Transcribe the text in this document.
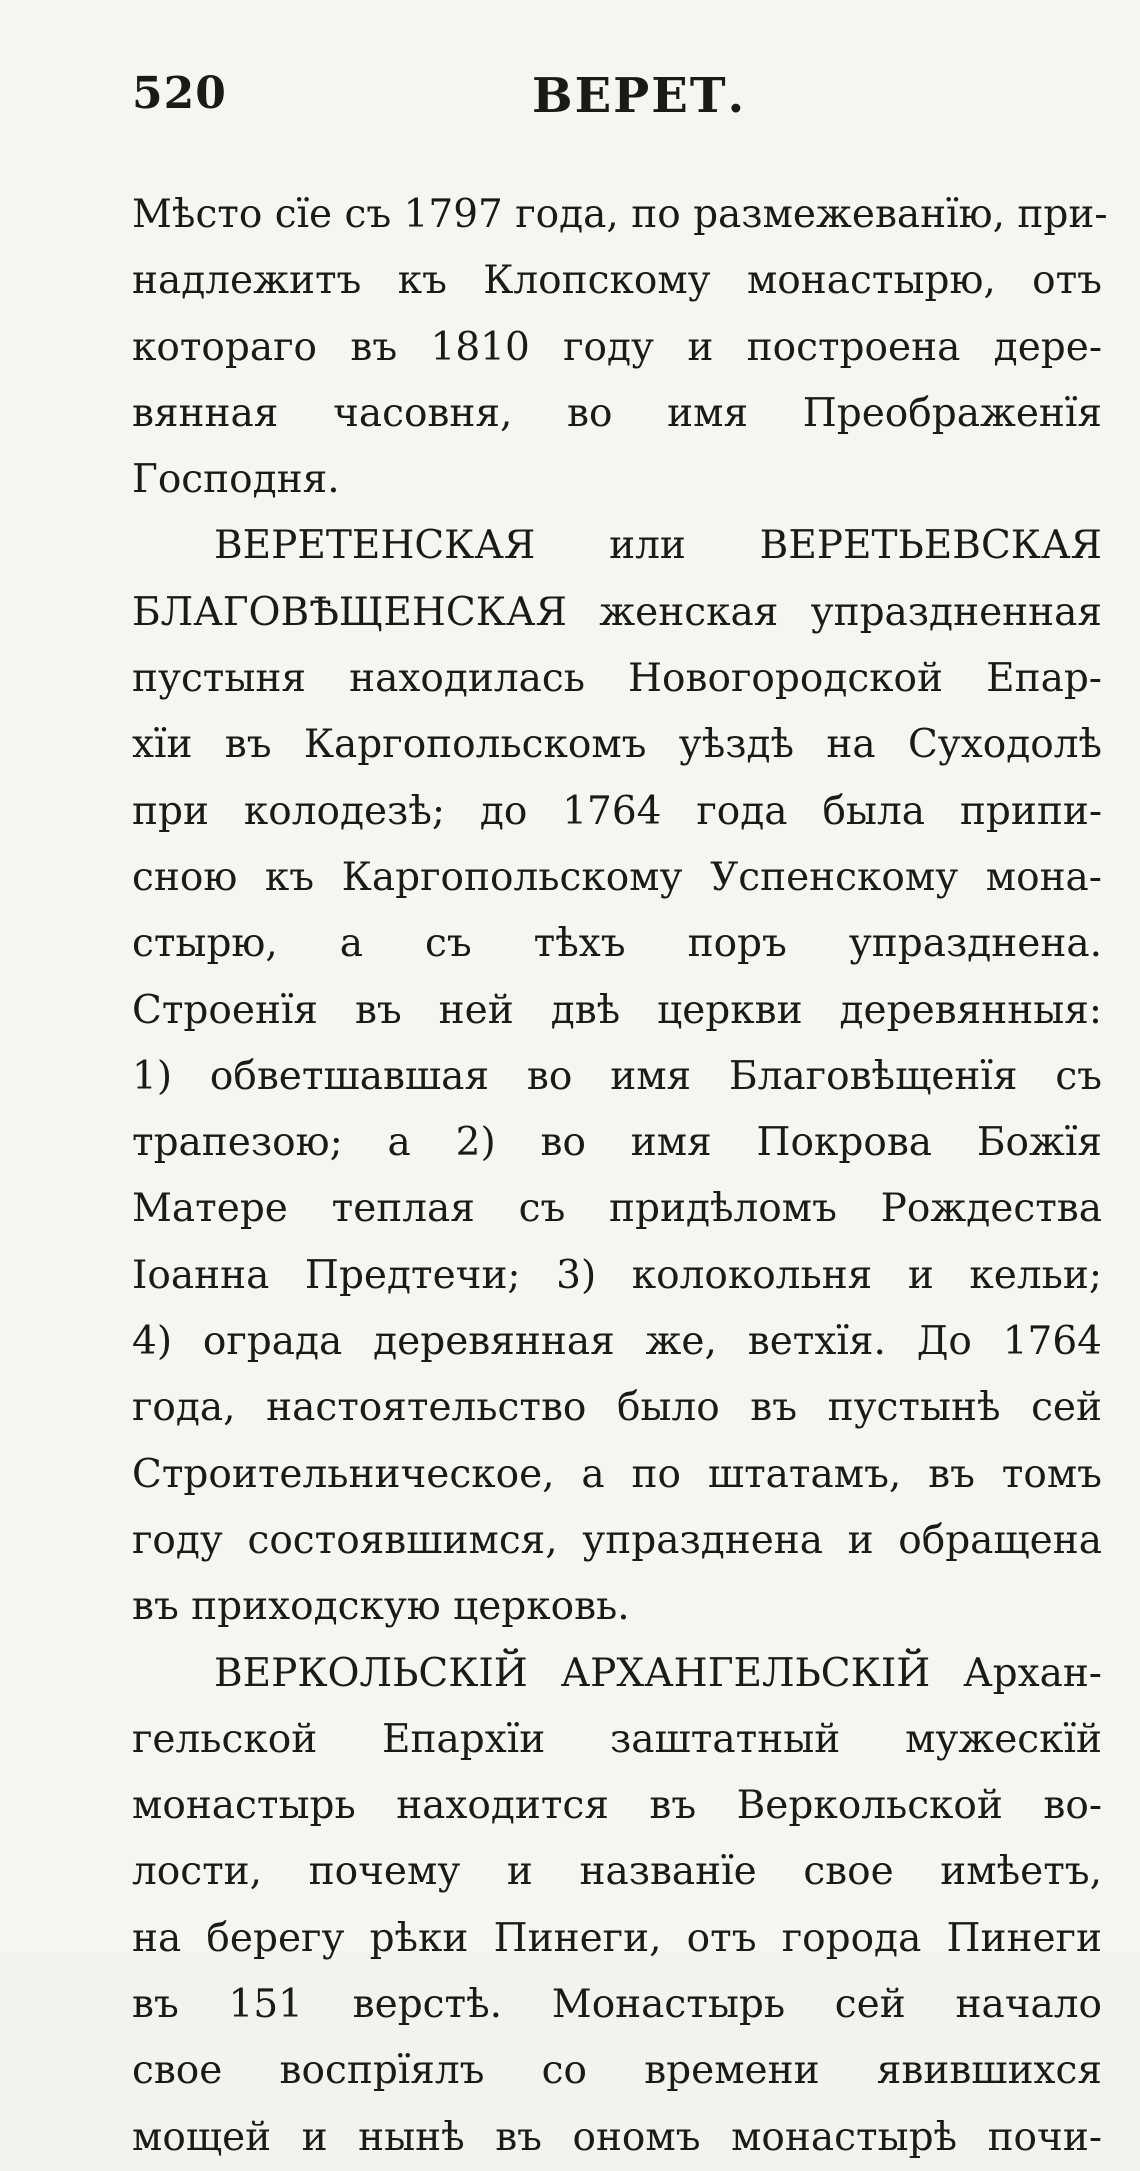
520	ВЕРЕТ.
Мѣсто сїе съ 1797 года, по размежеванїю, при-
надлежитъ къ Клопскому монастырю, отъ
котораго въ 1810 году и построена дере-
вянная часовня, во имя Преображенїя
Господня.
ВЕРЕТЕНСКАЯ или ВЕРЕТЬЕВСКАЯ
БЛАГОВѢЩЕНСКАЯ женская упраздненная
пустыня находилась Новогородской Епар-
хїи въ Каргопольскомъ уѣздѣ на Суходолѣ
при колодезѣ; до 1764 года была припи-
сною къ Каргопольскому Успенскому мона-
стырю, а съ тѣхъ поръ упразднена.
Строенїя въ ней двѣ церкви деревянныя:
1) обветшавшая во имя Благовѣщенїя съ
трапезою; а 2) во имя Покрова Божїя
Матере теплая съ придѣломъ Рождества
Іоанна Предтечи; 3) колокольня и кельи;
4) ограда деревянная же, ветхїя. До 1764
года, настоятельство было въ пустынѣ сей
Строительническое, а по штатамъ, въ томъ
году состоявшимся, упразднена и обращена
въ приходскую церковь.
ВЕРКОЛЬСКІЙ АРХАНГЕЛЬСКІЙ Архан-
гельской Епархїи заштатный мужескїй
монастырь находится въ Веркольской во-
лости, почему и названїе свое имѣетъ,
на берегу рѣки Пинеги, отъ города Пинеги
въ 151 верстѣ. Монастырь сей начало
свое воспрїялъ со времени явившихся
мощей и нынѣ въ ономъ монастырѣ почи-
